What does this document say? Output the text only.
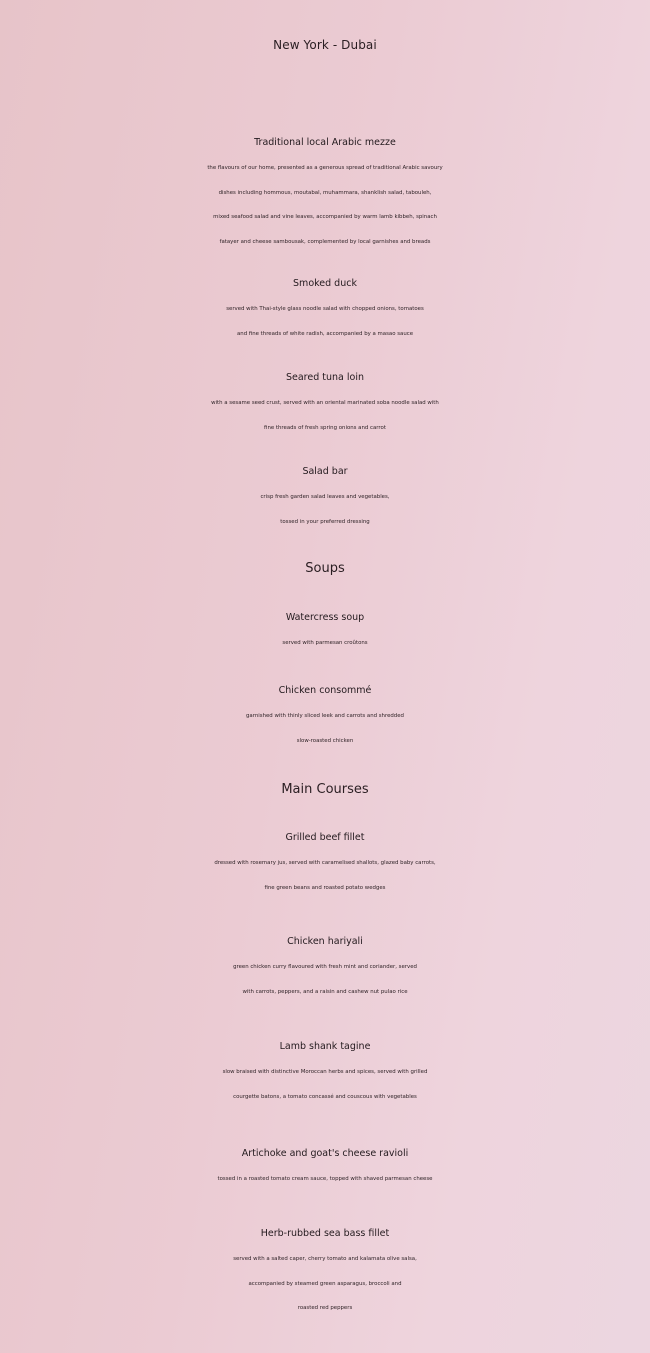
New York - Dubai

Traditional local Arabic mezze

the flavours of our home, presented as a generous spread of traditional Arabic savoury
dishes including hommous, moutabal, muhammara, shanklish salad, tabouleh,
mixed seafood salad and vine leaves, accompanied by warm lamb kibbeh, spinach
fatayer and cheese sambousak, complemented by local garnishes and breads

Smoked duck

served with Thai-style glass noodle salad with chopped onions, tomatoes
and fine threads of white radish, accompanied by a masao sauce

Seared tuna loin

with a sesame seed crust, served with an oriental marinated soba noodle salad with
fine threads of fresh spring onions and carrot

Salad bar

crisp fresh garden salad leaves and vegetables,
tossed in your preferred dressing

Soups

Watercress soup

served with parmesan croûtons

Chicken consommé

garnished with thinly sliced leek and carrots and shredded
slow-roasted chicken

Main Courses

Grilled beef fillet

dressed with rosemary jus, served with caramelised shallots, glazed baby carrots,
fine green beans and roasted potato wedges

Chicken hariyali

green chicken curry flavoured with fresh mint and coriander, served
with carrots, peppers, and a raisin and cashew nut pulao rice

Lamb shank tagine

slow braised with distinctive Moroccan herbs and spices, served with grilled
courgette batons, a tomato concassé and couscous with vegetables

Artichoke and goat's cheese ravioli

tossed in a roasted tomato cream sauce, topped with shaved parmesan cheese

Herb-rubbed sea bass fillet

served with a salted caper, cherry tomato and kalamata olive salsa,
accompanied by steamed green asparagus, broccoli and
roasted red peppers
